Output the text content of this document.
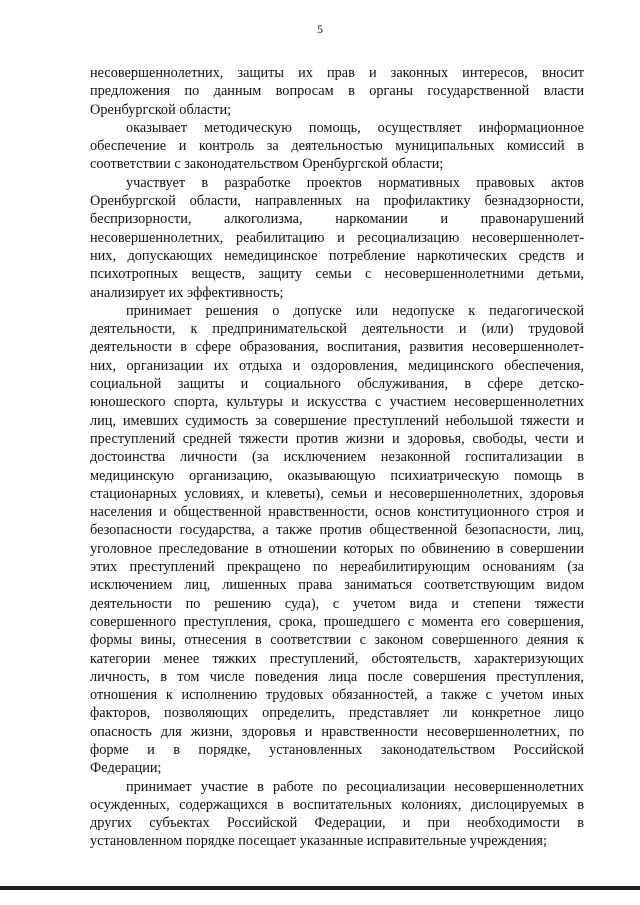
5
несовершеннолетних, защиты их прав и законных интересов, вносит
предложения по данным вопросам в органы государственной власти
Оренбургской области;
оказывает методическую помощь, осуществляет информационное
обеспечение и контроль за деятельностью муниципальных комиссий в
соответствии с законодательством Оренбургской области;
участвует в разработке проектов нормативных правовых актов
Оренбургской области, направленных на профилактику безнадзорности,
беспризорности, алкоголизма, наркомании и правонарушений
несовершеннолетних, реабилитацию и ресоциализацию несовершеннолет-
них, допускающих немедицинское потребление наркотических средств и
психотропных веществ, защиту семьи с несовершеннолетними детьми,
анализирует их эффективность;
принимает решения о допуске или недопуске к педагогической
деятельности, к предпринимательской деятельности и (или) трудовой
деятельности в сфере образования, воспитания, развития несовершеннолет-
них, организации их отдыха и оздоровления, медицинского обеспечения,
социальной защиты и социального обслуживания, в сфере детско-
юношеского спорта, культуры и искусства с участием несовершеннолетних
лиц, имевших судимость за совершение преступлений небольшой тяжести и
преступлений средней тяжести против жизни и здоровья, свободы, чести и
достоинства личности (за исключением незаконной госпитализации в
медицинскую организацию, оказывающую психиатрическую помощь в
стационарных условиях, и клеветы), семьи и несовершеннолетних, здоровья
населения и общественной нравственности, основ конституционного строя и
безопасности государства, а также против общественной безопасности, лиц,
уголовное преследование в отношении которых по обвинению в совершении
этих преступлений прекращено по нереабилитирующим основаниям (за
исключением лиц, лишенных права заниматься соответствующим видом
деятельности по решению суда), с учетом вида и степени тяжести
совершенного преступления, срока, прошедшего с момента его совершения,
формы вины, отнесения в соответствии с законом совершенного деяния к
категории менее тяжких преступлений, обстоятельств, характеризующих
личность, в том числе поведения лица после совершения преступления,
отношения к исполнению трудовых обязанностей, а также с учетом иных
факторов, позволяющих определить, представляет ли конкретное лицо
опасность для жизни, здоровья и нравственности несовершеннолетних, по
форме и в порядке, установленных законодательством Российской
Федерации;
принимает участие в работе по ресоциализации несовершеннолетних
осужденных, содержащихся в воспитательных колониях, дислоцируемых в
других субъектах Российской Федерации, и при необходимости в
установленном порядке посещает указанные исправительные учреждения;
